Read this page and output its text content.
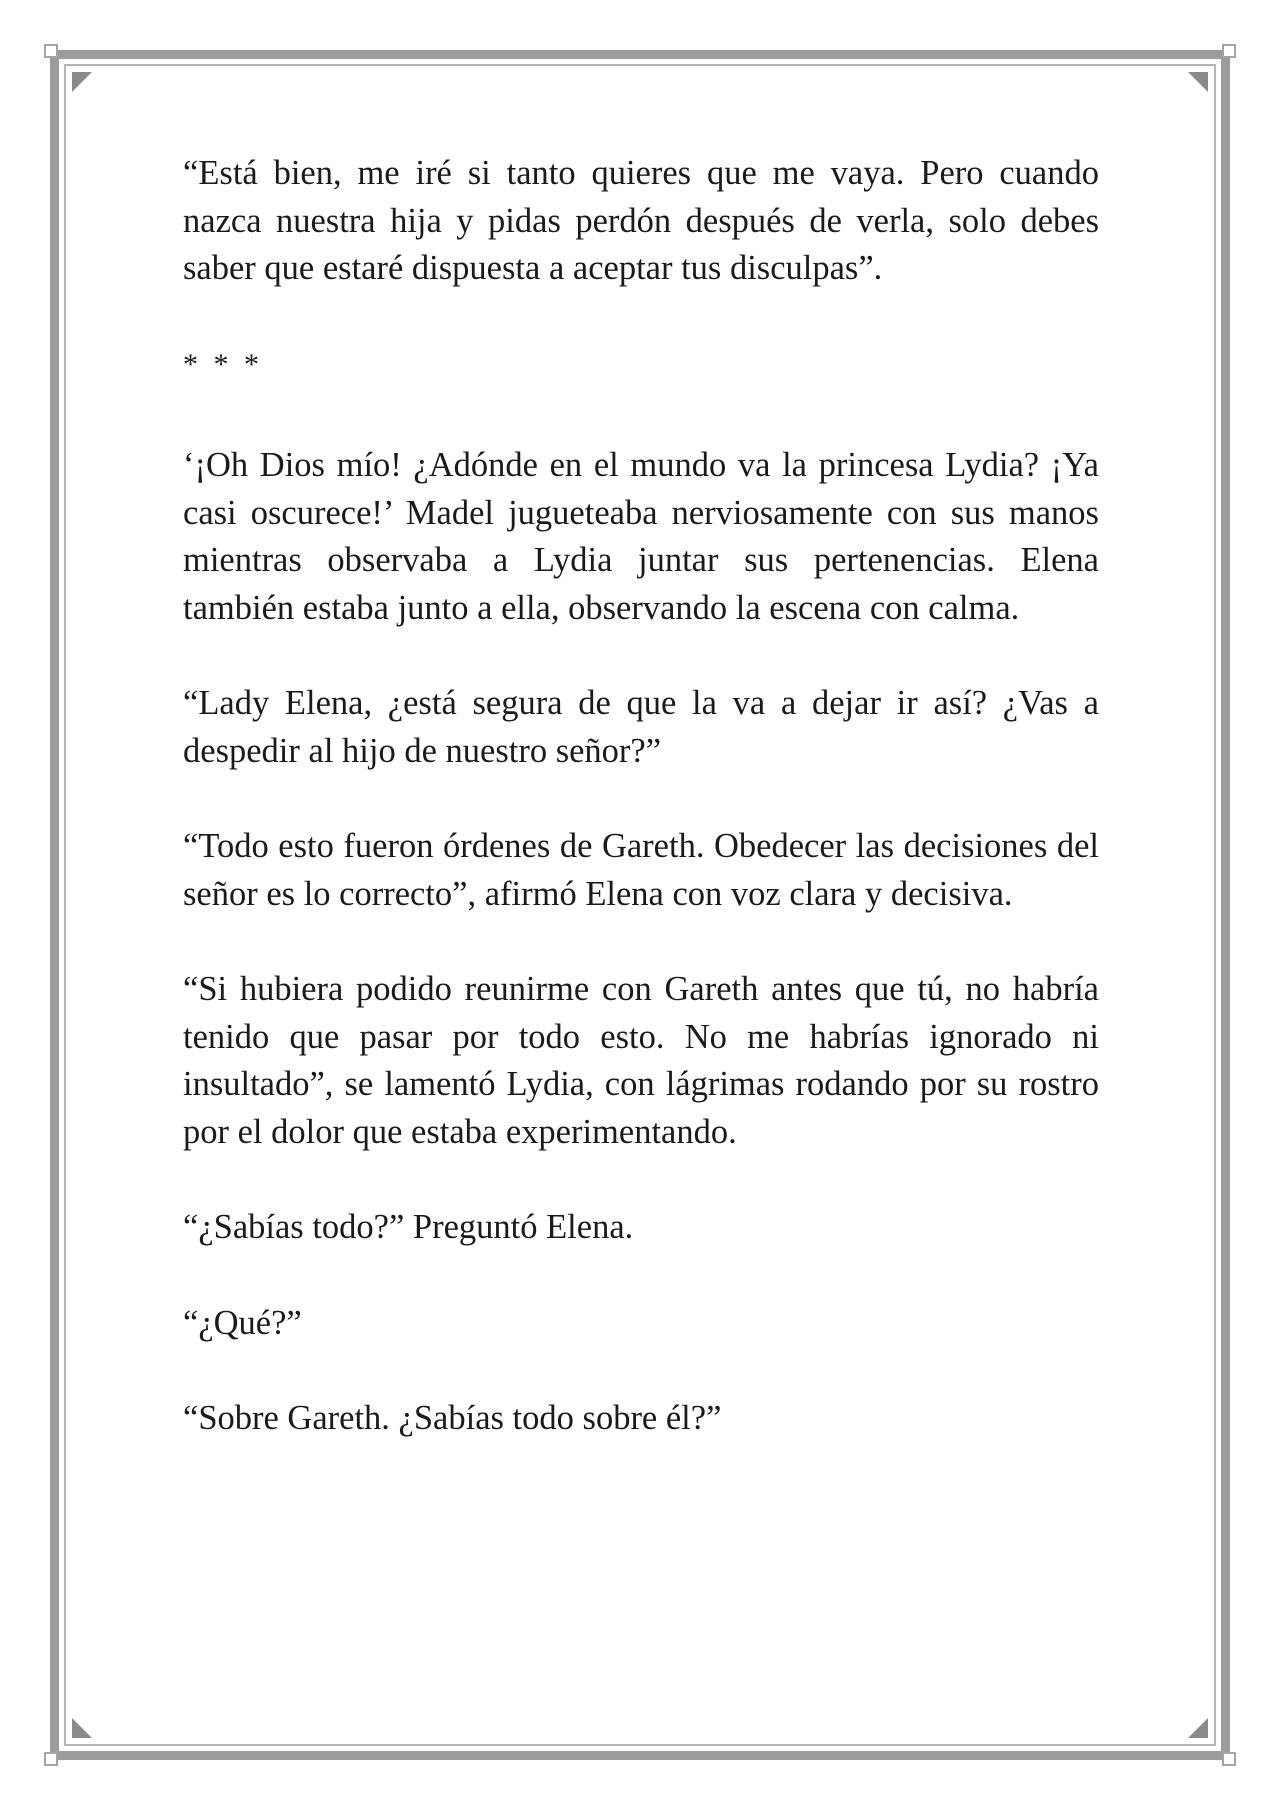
“Está bien, me iré si tanto quieres que me vaya. Pero cuando nazca nuestra hija y pidas perdón después de verla, solo debes saber que estaré dispuesta a aceptar tus disculpas”.

* * *

‘¡Oh Dios mío! ¿Adónde en el mundo va la princesa Lydia? ¡Ya casi oscurece!’ Madel jugueteaba nerviosamente con sus manos mientras observaba a Lydia juntar sus pertenencias. Elena también estaba junto a ella, observando la escena con calma.

“Lady Elena, ¿está segura de que la va a dejar ir así? ¿Vas a despedir al hijo de nuestro señor?”

“Todo esto fueron órdenes de Gareth. Obedecer las decisiones del señor es lo correcto”, afirmó Elena con voz clara y decisiva.

“Si hubiera podido reunirme con Gareth antes que tú, no habría tenido que pasar por todo esto. No me habrías ignorado ni insultado”, se lamentó Lydia, con lágrimas rodando por su rostro por el dolor que estaba experimentando.

“¿Sabías todo?” Preguntó Elena.

“¿Qué?”

“Sobre Gareth. ¿Sabías todo sobre él?”
